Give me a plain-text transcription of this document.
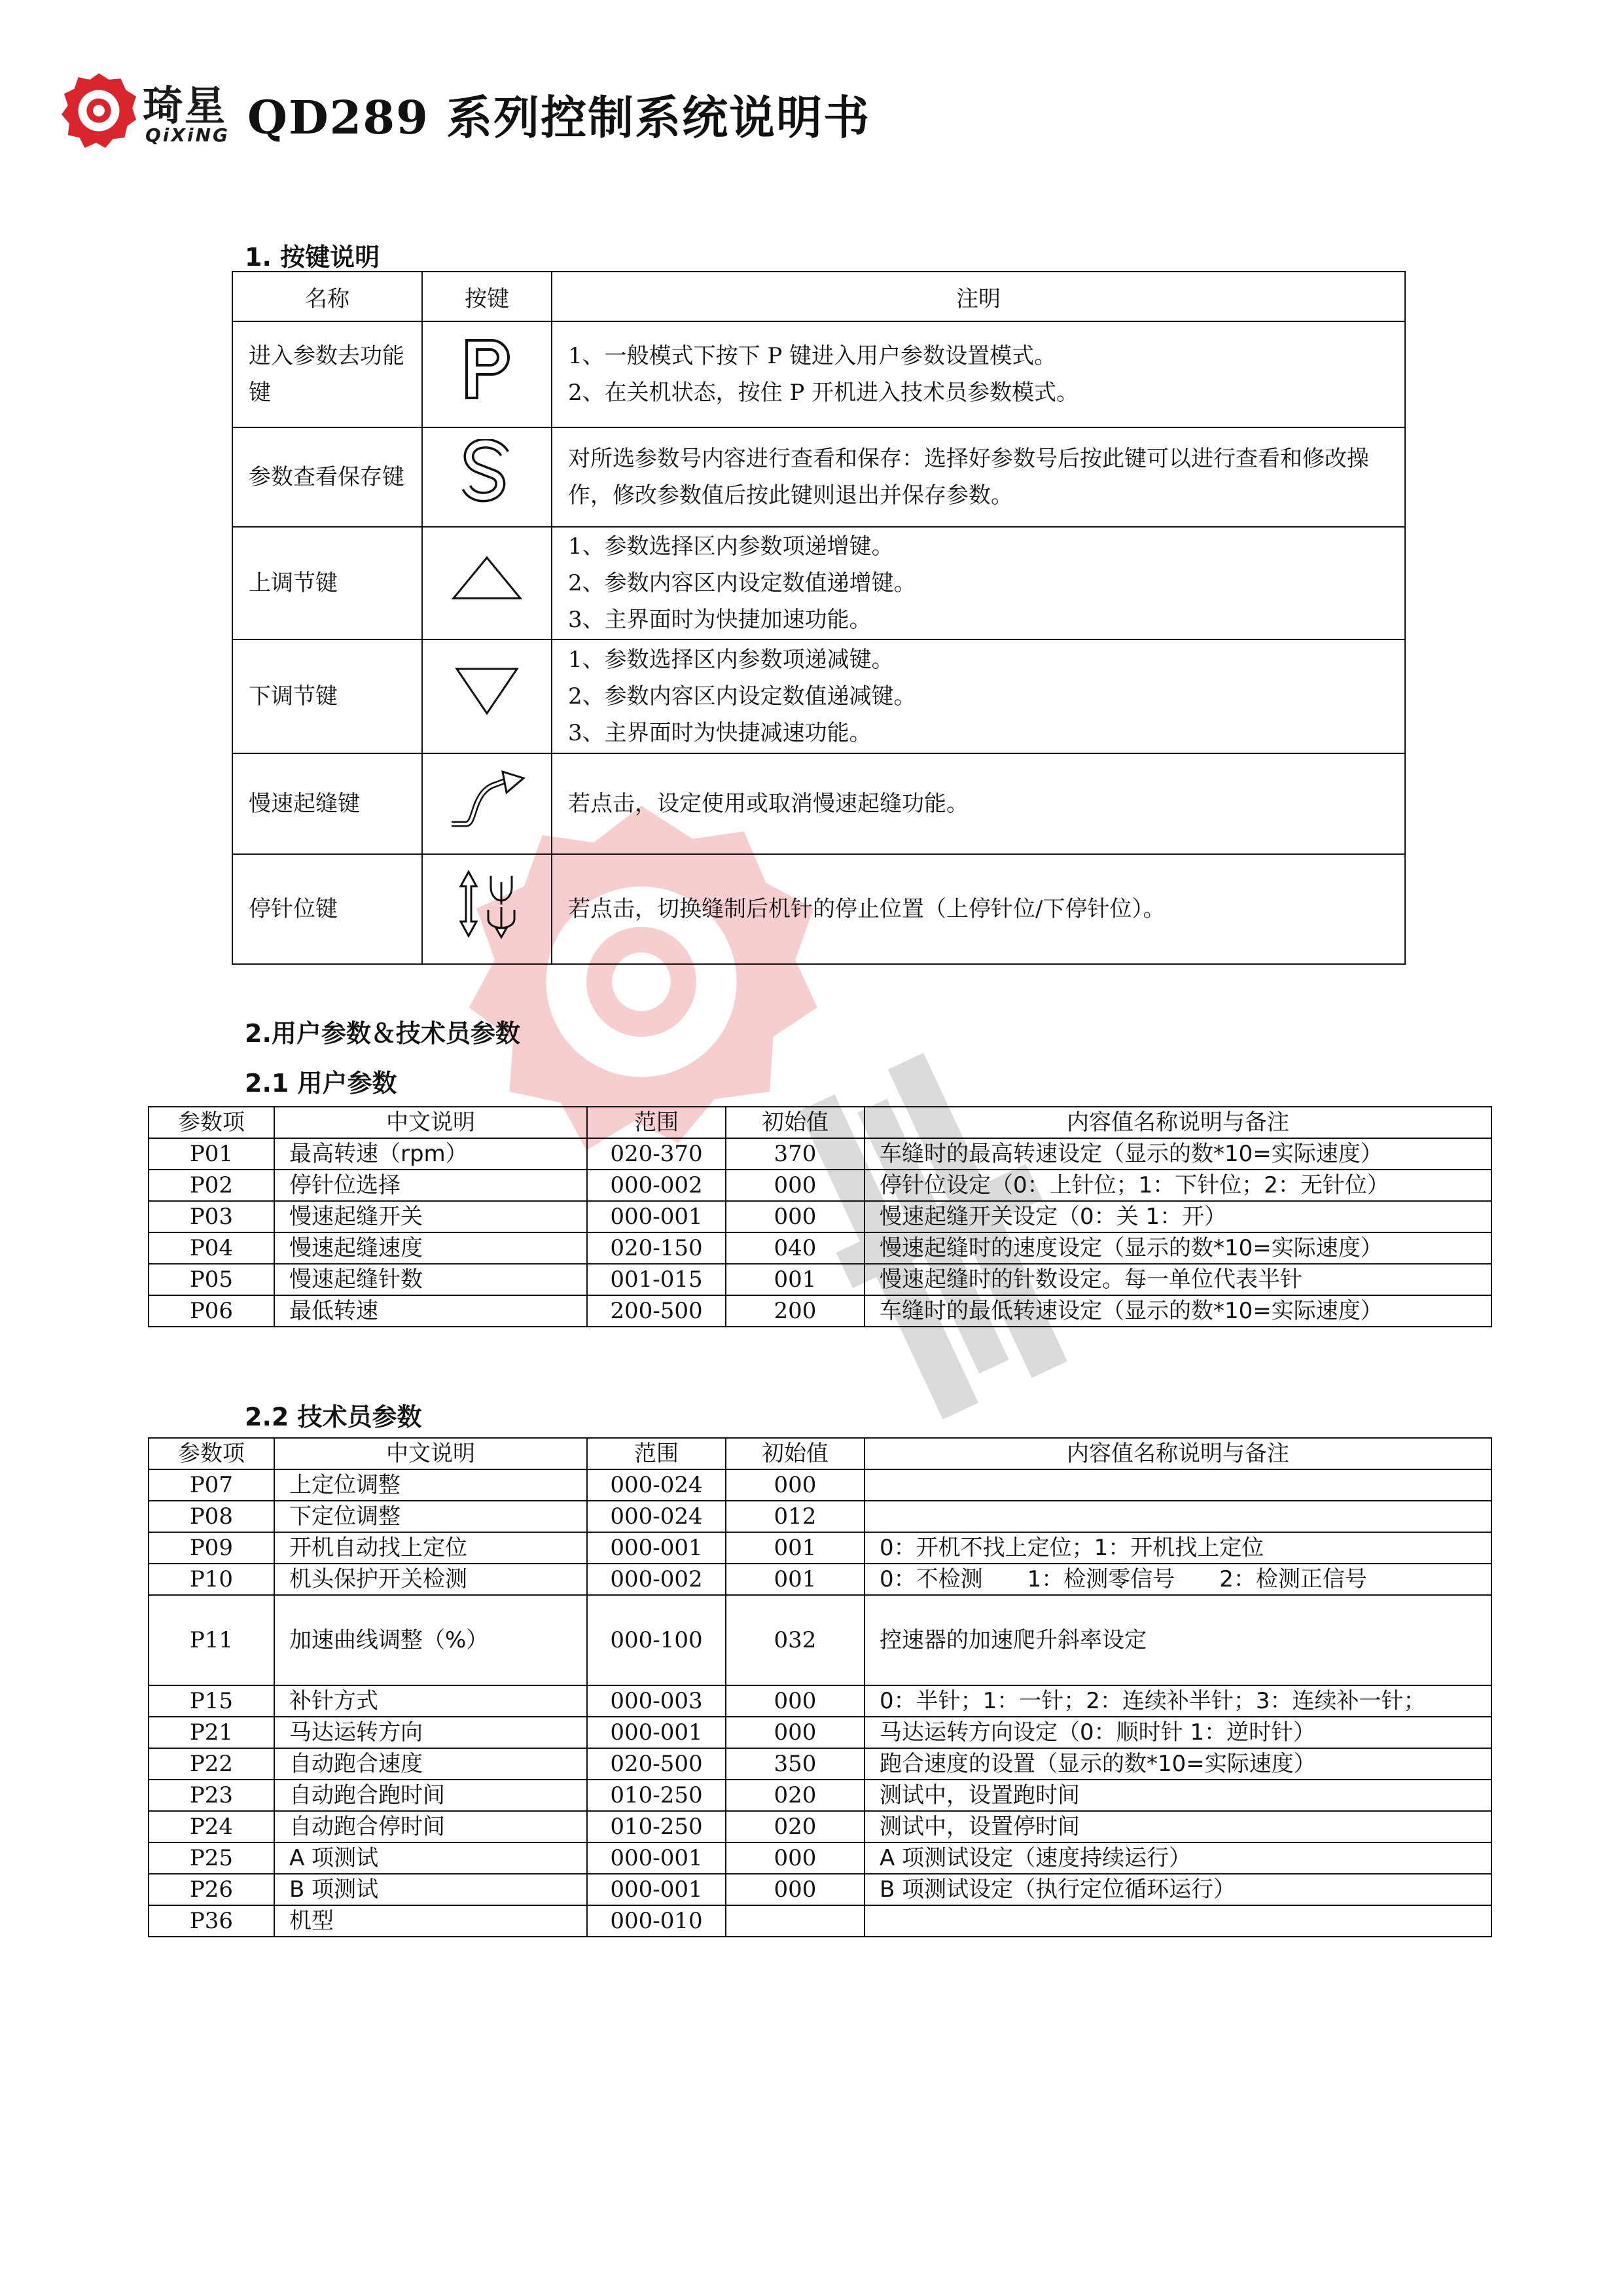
琦星
QiXiNG QD289 系列控制系统说明书
1. 按键说明
名称	按键	注明
进入参数去功能键		1、一般模式下按下 P 键进入用户参数设置模式。
2、在关机状态，按住 P 开机进入技术员参数模式。

参数查看保存键		对所选参数号内容进行查看和保存：选择好参数号后按此键可以进行查看和修改操作，修改参数值后按此键则退出并保存参数。

上调节键		1、参数选择区内参数项递增键。
2、参数内容区内设定数值递增键。
3、主界面时为快捷加速功能。

下调节键		1、参数选择区内参数项递减键。
2、参数内容区内设定数值递减键。
3、主界面时为快捷减速功能。

慢速起缝键		若点击，设定使用或取消慢速起缝功能。

停针位键		若点击，切换缝制后机针的停止位置（上停针位/下停针位）。
2.用户参数＆技术员参数
2.1 用户参数
参数项	中文说明	范围	初始值	内容值名称说明与备注
P01	最高转速（rpm）	020-370	370	车缝时的最高转速设定（显示的数*10=实际速度）
P02	停针位选择	000-002	000	停针位设定（0：上针位；1：下针位；2：无针位）
P03	慢速起缝开关	000-001	000	慢速起缝开关设定（0：关 1：开）
P04	慢速起缝速度	020-150	040	慢速起缝时的速度设定（显示的数*10=实际速度）
P05	慢速起缝针数	001-015	001	慢速起缝时的针数设定。每一单位代表半针
P06	最低转速	200-500	200	车缝时的最低转速设定（显示的数*10=实际速度）
2.2 技术员参数
参数项	中文说明	范围	初始值	内容值名称说明与备注
P07	上定位调整	000-024	000	
P08	下定位调整	000-024	012	
P09	开机自动找上定位	000-001	001	0：开机不找上定位；1：开机找上定位
P10	机头保护开关检测	000-002	001	0：不检测　　1：检测零信号　　2：检测正信号
P11	加速曲线调整（%）	000-100	032	控速器的加速爬升斜率设定
P15	补针方式	000-003	000	0：半针；1：一针；2：连续补半针；3：连续补一针；
P21	马达运转方向	000-001	000	马达运转方向设定（0：顺时针 1：逆时针）
P22	自动跑合速度	020-500	350	跑合速度的设置（显示的数*10=实际速度）
P23	自动跑合跑时间	010-250	020	测试中，设置跑时间
P24	自动跑合停时间	010-250	020	测试中，设置停时间
P25	A 项测试	000-001	000	A 项测试设定（速度持续运行）
P26	B 项测试	000-001	000	B 项测试设定（执行定位循环运行）
P36	机型	000-010		
